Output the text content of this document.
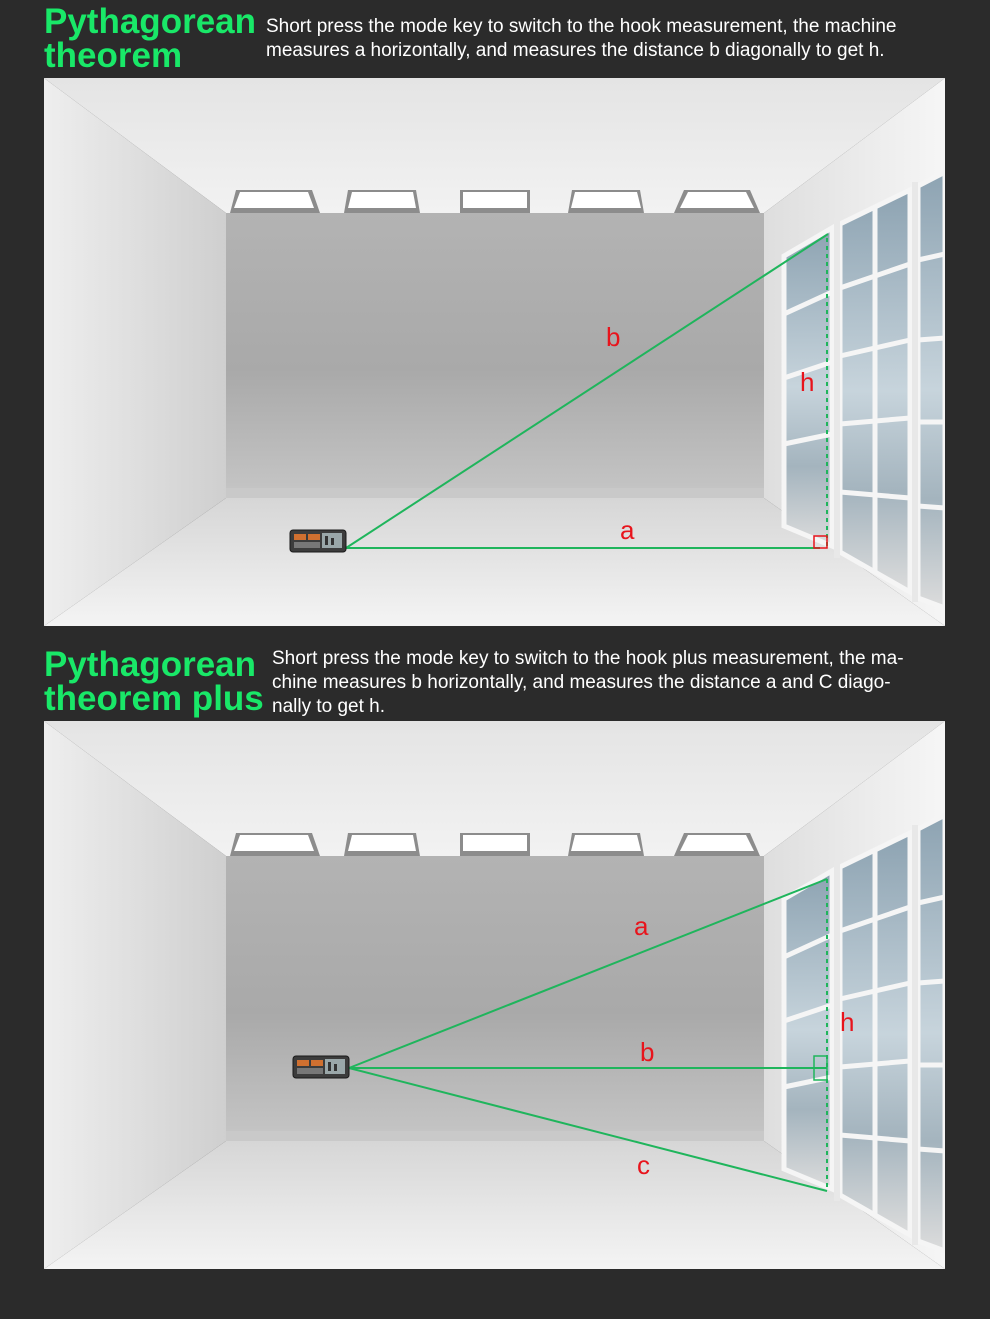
Pythagorean
theorem
Short press the mode key to switch to the hook measurement, the machine
measures a horizontally, and measures the distance b diagonally to get h.
b
h
a
Pythagorean
theorem plus
Short press the mode key to switch to the hook plus measurement, the ma-
chine measures b horizontally, and measures the distance a and C diago-
nally to get h.
a
h
b
c
